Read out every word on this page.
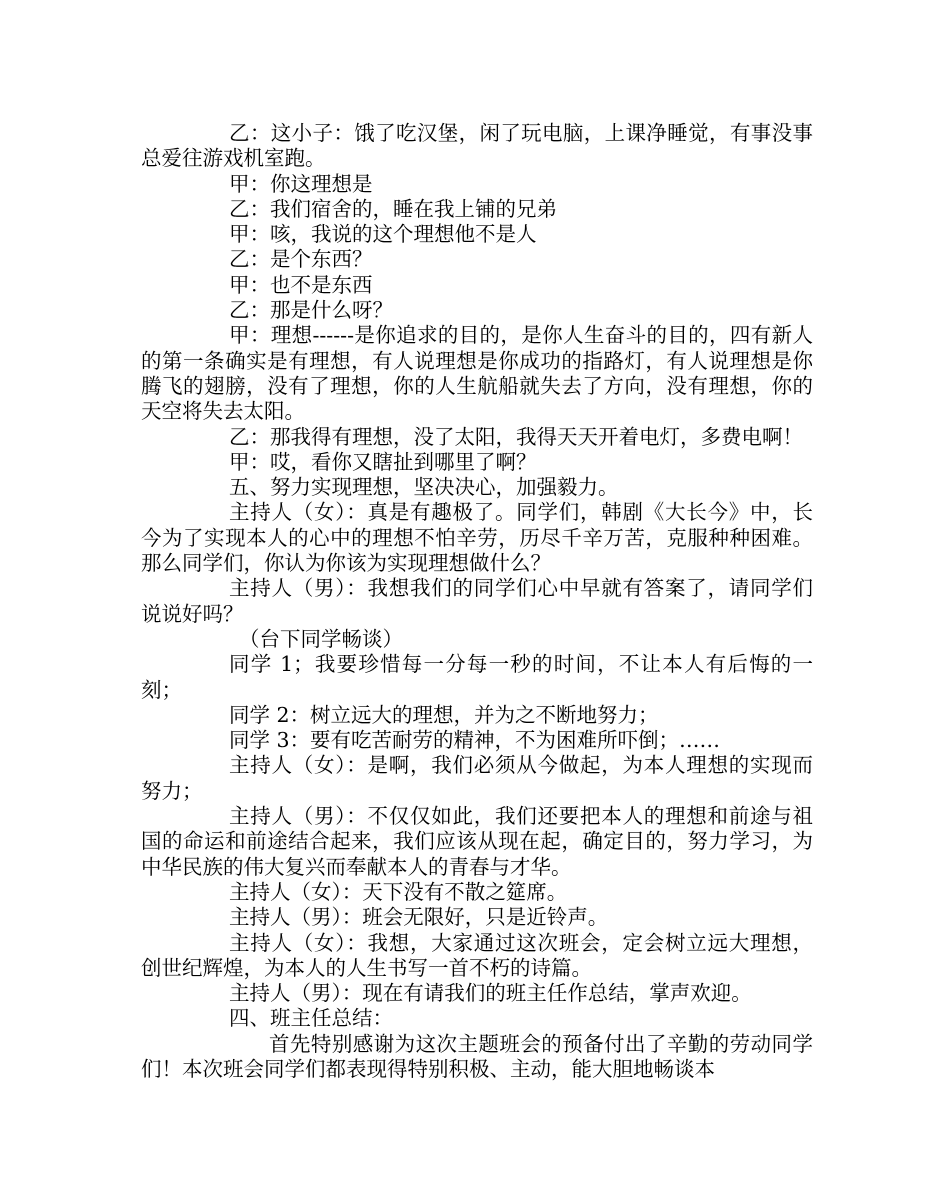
乙：这小子：饿了吃汉堡，闲了玩电脑，上课净睡觉，有事没事总爱往游戏机室跑。

甲：你这理想是

乙：我们宿舍的，睡在我上铺的兄弟

甲：咳，我说的这个理想他不是人

乙：是个东西？

甲：也不是东西

乙：那是什么呀？

甲：理想------是你追求的目的，是你人生奋斗的目的，四有新人的第一条确实是有理想，有人说理想是你成功的指路灯，有人说理想是你腾飞的翅膀，没有了理想，你的人生航船就失去了方向，没有理想，你的天空将失去太阳。

乙：那我得有理想，没了太阳，我得天天开着电灯，多费电啊！

甲：哎，看你又瞎扯到哪里了啊？

五、努力实现理想，坚决决心，加强毅力。

主持人（女）：真是有趣极了。同学们，韩剧《大长今》中，长今为了实现本人的心中的理想不怕辛劳，历尽千辛万苦，克服种种困难。那么同学们，你认为你该为实现理想做什么？

主持人（男）：我想我们的同学们心中早就有答案了，请同学们说说好吗？

（台下同学畅谈）

同学 1；我要珍惜每一分每一秒的时间，不让本人有后悔的一刻；

同学 2：树立远大的理想，并为之不断地努力；

同学 3：要有吃苦耐劳的精神，不为困难所吓倒；……

主持人（女）：是啊，我们必须从今做起，为本人理想的实现而努力；

主持人（男）：不仅仅如此，我们还要把本人的理想和前途与祖国的命运和前途结合起来，我们应该从现在起，确定目的，努力学习，为中华民族的伟大复兴而奉献本人的青春与才华。

主持人（女）：天下没有不散之筵席。

主持人（男）：班会无限好，只是近铃声。

主持人（女）：我想，大家通过这次班会，定会树立远大理想，创世纪辉煌，为本人的人生书写一首不朽的诗篇。

主持人（男）：现在有请我们的班主任作总结，掌声欢迎。

四、班主任总结：

首先特别感谢为这次主题班会的预备付出了辛勤的劳动同学们！本次班会同学们都表现得特别积极、主动，能大胆地畅谈本
